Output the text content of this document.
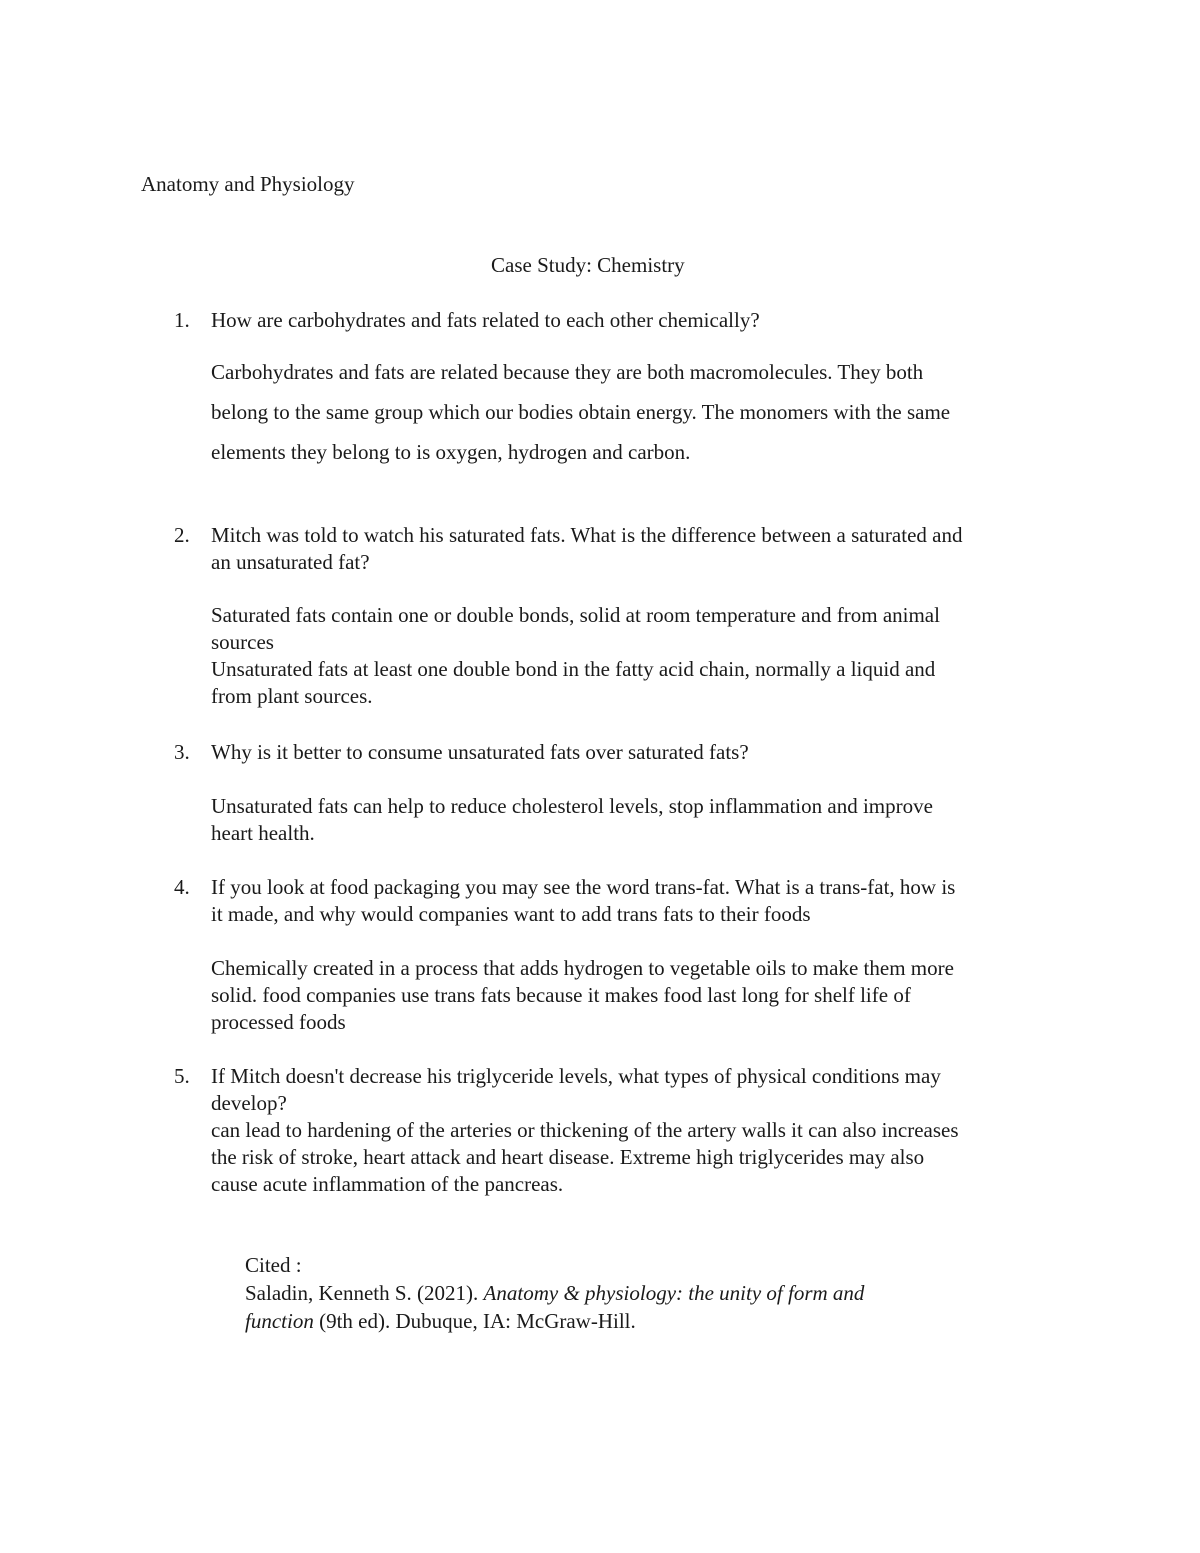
Anatomy and Physiology
Case Study: Chemistry
1. How are carbohydrates and fats related to each other chemically?
Carbohydrates and fats are related because they are both macromolecules. They both
belong to the same group which our bodies obtain energy. The monomers with the same
elements they belong to is oxygen, hydrogen and carbon.
2. Mitch was told to watch his saturated fats. What is the difference between a saturated and
an unsaturated fat?
Saturated fats contain one or double bonds, solid at room temperature and from animal
sources
Unsaturated fats at least one double bond in the fatty acid chain, normally a liquid and
from plant sources.
3. Why is it better to consume unsaturated fats over saturated fats?
Unsaturated fats can help to reduce cholesterol levels, stop inflammation and improve
heart health.
4. If you look at food packaging you may see the word trans-fat. What is a trans-fat, how is
it made, and why would companies want to add trans fats to their foods
Chemically created in a process that adds hydrogen to vegetable oils to make them more
solid. food companies use trans fats because it makes food last long for shelf life of
processed foods
5. If Mitch doesn't decrease his triglyceride levels, what types of physical conditions may
develop?
can lead to hardening of the arteries or thickening of the artery walls it can also increases
the risk of stroke, heart attack and heart disease. Extreme high triglycerides may also
cause acute inflammation of the pancreas.
Cited :
Saladin, Kenneth S. (2021). Anatomy & physiology: the unity of form and
function (9th ed). Dubuque, IA: McGraw-Hill.
